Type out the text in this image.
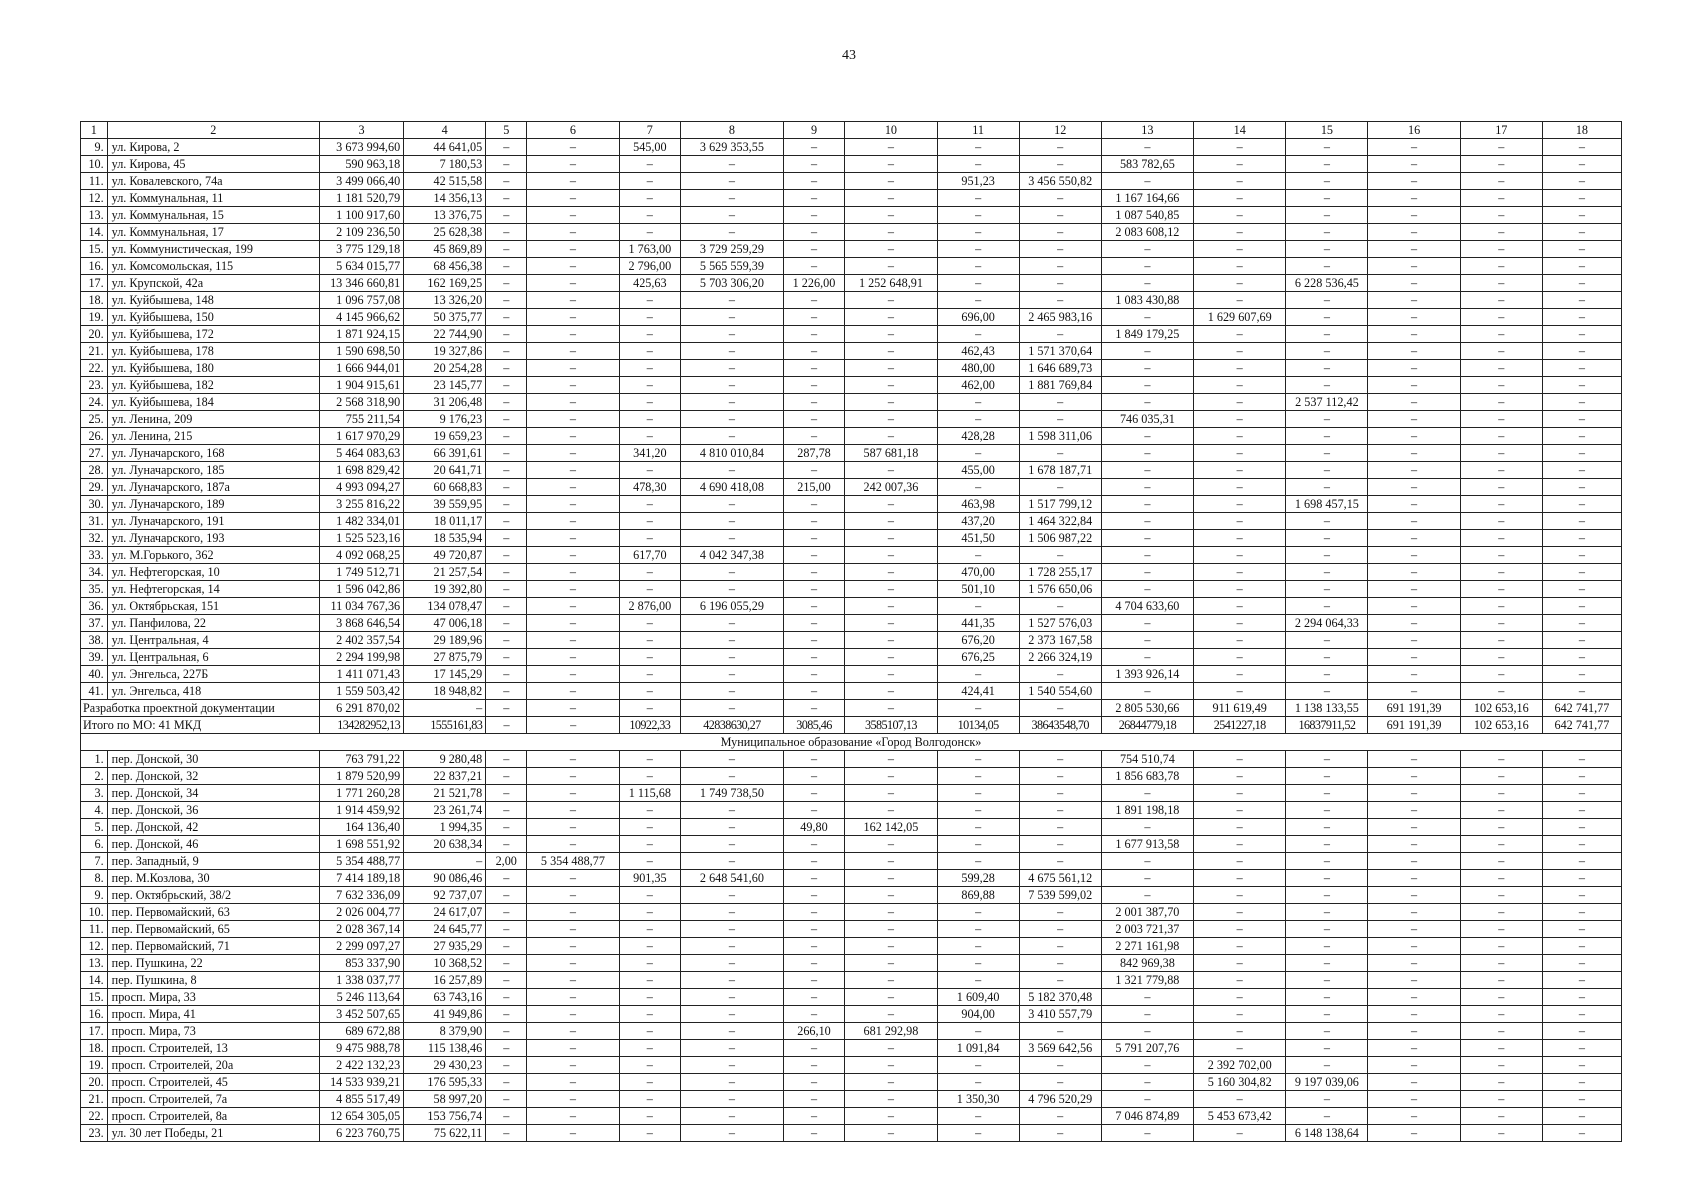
43
1	2	3	4	5	6	7	8	9	10	11	12	13	14	15	16	17	18
9.	ул. Кирова, 2	3 673 994,60	44 641,05	–	–	545,00	3 629 353,55	–	–	–	–	–	–	–	–	–	–
10.	ул. Кирова, 45	590 963,18	7 180,53	–	–	–	–	–	–	–	–	583 782,65	–	–	–	–	–
11.	ул. Ковалевского, 74а	3 499 066,40	42 515,58	–	–	–	–	–	–	951,23	3 456 550,82	–	–	–	–	–	–
12.	ул. Коммунальная, 11	1 181 520,79	14 356,13	–	–	–	–	–	–	–	–	1 167 164,66	–	–	–	–	–
13.	ул. Коммунальная, 15	1 100 917,60	13 376,75	–	–	–	–	–	–	–	–	1 087 540,85	–	–	–	–	–
14.	ул. Коммунальная, 17	2 109 236,50	25 628,38	–	–	–	–	–	–	–	–	2 083 608,12	–	–	–	–	–
15.	ул. Коммунистическая, 199	3 775 129,18	45 869,89	–	–	1 763,00	3 729 259,29	–	–	–	–	–	–	–	–	–	–
16.	ул. Комсомольская, 115	5 634 015,77	68 456,38	–	–	2 796,00	5 565 559,39	–	–	–	–	–	–	–	–	–	–
17.	ул. Крупской, 42а	13 346 660,81	162 169,25	–	–	425,63	5 703 306,20	1 226,00	1 252 648,91	–	–	–	–	6 228 536,45	–	–	–
18.	ул. Куйбышева, 148	1 096 757,08	13 326,20	–	–	–	–	–	–	–	–	1 083 430,88	–	–	–	–	–
19.	ул. Куйбышева, 150	4 145 966,62	50 375,77	–	–	–	–	–	–	696,00	2 465 983,16	–	1 629 607,69	–	–	–	–
20.	ул. Куйбышева, 172	1 871 924,15	22 744,90	–	–	–	–	–	–	–	–	1 849 179,25	–	–	–	–	–
21.	ул. Куйбышева, 178	1 590 698,50	19 327,86	–	–	–	–	–	–	462,43	1 571 370,64	–	–	–	–	–	–
22.	ул. Куйбышева, 180	1 666 944,01	20 254,28	–	–	–	–	–	–	480,00	1 646 689,73	–	–	–	–	–	–
23.	ул. Куйбышева, 182	1 904 915,61	23 145,77	–	–	–	–	–	–	462,00	1 881 769,84	–	–	–	–	–	–
24.	ул. Куйбышева, 184	2 568 318,90	31 206,48	–	–	–	–	–	–	–	–	–	–	2 537 112,42	–	–	–
25.	ул. Ленина, 209	755 211,54	9 176,23	–	–	–	–	–	–	–	–	746 035,31	–	–	–	–	–
26.	ул. Ленина, 215	1 617 970,29	19 659,23	–	–	–	–	–	–	428,28	1 598 311,06	–	–	–	–	–	–
27.	ул. Луначарского, 168	5 464 083,63	66 391,61	–	–	341,20	4 810 010,84	287,78	587 681,18	–	–	–	–	–	–	–	–
28.	ул. Луначарского, 185	1 698 829,42	20 641,71	–	–	–	–	–	–	455,00	1 678 187,71	–	–	–	–	–	–
29.	ул. Луначарского, 187а	4 993 094,27	60 668,83	–	–	478,30	4 690 418,08	215,00	242 007,36	–	–	–	–	–	–	–	–
30.	ул. Луначарского, 189	3 255 816,22	39 559,95	–	–	–	–	–	–	463,98	1 517 799,12	–	–	1 698 457,15	–	–	–
31.	ул. Луначарского, 191	1 482 334,01	18 011,17	–	–	–	–	–	–	437,20	1 464 322,84	–	–	–	–	–	–
32.	ул. Луначарского, 193	1 525 523,16	18 535,94	–	–	–	–	–	–	451,50	1 506 987,22	–	–	–	–	–	–
33.	ул. М.Горького, 362	4 092 068,25	49 720,87	–	–	617,70	4 042 347,38	–	–	–	–	–	–	–	–	–	–
34.	ул. Нефтегорская, 10	1 749 512,71	21 257,54	–	–	–	–	–	–	470,00	1 728 255,17	–	–	–	–	–	–
35.	ул. Нефтегорская, 14	1 596 042,86	19 392,80	–	–	–	–	–	–	501,10	1 576 650,06	–	–	–	–	–	–
36.	ул. Октябрьская, 151	11 034 767,36	134 078,47	–	–	2 876,00	6 196 055,29	–	–	–	–	4 704 633,60	–	–	–	–	–
37.	ул. Панфилова, 22	3 868 646,54	47 006,18	–	–	–	–	–	–	441,35	1 527 576,03	–	–	2 294 064,33	–	–	–
38.	ул. Центральная, 4	2 402 357,54	29 189,96	–	–	–	–	–	–	676,20	2 373 167,58	–	–	–	–	–	–
39.	ул. Центральная, 6	2 294 199,98	27 875,79	–	–	–	–	–	–	676,25	2 266 324,19	–	–	–	–	–	–
40.	ул. Энгельса, 227Б	1 411 071,43	17 145,29	–	–	–	–	–	–	–	–	1 393 926,14	–	–	–	–	–
41.	ул. Энгельса, 418	1 559 503,42	18 948,82	–	–	–	–	–	–	424,41	1 540 554,60	–	–	–	–	–	–
Разработка проектной документации		6 291 870,02	–	–	–	–	–	–	–	–	–	2 805 530,66	911 619,49	1 138 133,55	691 191,39	102 653,16	642 741,77
Итого по МО: 41 МКД		134282952,13	1555161,83	–	–	10922,33	42838630,27	3085,46	3585107,13	10134,05	38643548,70	26844779,18	2541227,18	16837911,52	691 191,39	102 653,16	642 741,77
Муниципальное образование «Город Волгодонск»																	
1.	пер. Донской, 30	763 791,22	9 280,48	–	–	–	–	–	–	–	–	754 510,74	–	–	–	–	–
2.	пер. Донской, 32	1 879 520,99	22 837,21	–	–	–	–	–	–	–	–	1 856 683,78	–	–	–	–	–
3.	пер. Донской, 34	1 771 260,28	21 521,78	–	–	1 115,68	1 749 738,50	–	–	–	–	–	–	–	–	–	–
4.	пер. Донской, 36	1 914 459,92	23 261,74	–	–	–	–	–	–	–	–	1 891 198,18	–	–	–	–	–
5.	пер. Донской, 42	164 136,40	1 994,35	–	–	–	–	49,80	162 142,05	–	–	–	–	–	–	–	–
6.	пер. Донской, 46	1 698 551,92	20 638,34	–	–	–	–	–	–	–	–	1 677 913,58	–	–	–	–	–
7.	пер. Западный, 9	5 354 488,77	–	2,00	5 354 488,77	–	–	–	–	–	–	–	–	–	–	–	–
8.	пер. М.Козлова, 30	7 414 189,18	90 086,46	–	–	901,35	2 648 541,60	–	–	599,28	4 675 561,12	–	–	–	–	–	–
9.	пер. Октябрьский, 38/2	7 632 336,09	92 737,07	–	–	–	–	–	–	869,88	7 539 599,02	–	–	–	–	–	–
10.	пер. Первомайский, 63	2 026 004,77	24 617,07	–	–	–	–	–	–	–	–	2 001 387,70	–	–	–	–	–
11.	пер. Первомайский, 65	2 028 367,14	24 645,77	–	–	–	–	–	–	–	–	2 003 721,37	–	–	–	–	–
12.	пер. Первомайский, 71	2 299 097,27	27 935,29	–	–	–	–	–	–	–	–	2 271 161,98	–	–	–	–	–
13.	пер. Пушкина, 22	853 337,90	10 368,52	–	–	–	–	–	–	–	–	842 969,38	–	–	–	–	–
14.	пер. Пушкина, 8	1 338 037,77	16 257,89	–	–	–	–	–	–	–	–	1 321 779,88	–	–	–	–	–
15.	просп. Мира, 33	5 246 113,64	63 743,16	–	–	–	–	–	–	1 609,40	5 182 370,48	–	–	–	–	–	–
16.	просп. Мира, 41	3 452 507,65	41 949,86	–	–	–	–	–	–	904,00	3 410 557,79	–	–	–	–	–	–
17.	просп. Мира, 73	689 672,88	8 379,90	–	–	–	–	266,10	681 292,98	–	–	–	–	–	–	–	–
18.	просп. Строителей, 13	9 475 988,78	115 138,46	–	–	–	–	–	–	1 091,84	3 569 642,56	5 791 207,76	–	–	–	–	–
19.	просп. Строителей, 20а	2 422 132,23	29 430,23	–	–	–	–	–	–	–	–	–	2 392 702,00	–	–	–	–
20.	просп. Строителей, 45	14 533 939,21	176 595,33	–	–	–	–	–	–	–	–	–	5 160 304,82	9 197 039,06	–	–	–
21.	просп. Строителей, 7а	4 855 517,49	58 997,20	–	–	–	–	–	–	1 350,30	4 796 520,29	–	–	–	–	–	–
22.	просп. Строителей, 8а	12 654 305,05	153 756,74	–	–	–	–	–	–	–	–	7 046 874,89	5 453 673,42	–	–	–	–
23.	ул. 30 лет Победы, 21	6 223 760,75	75 622,11	–	–	–	–	–	–	–	–	–	–	6 148 138,64	–	–	–
